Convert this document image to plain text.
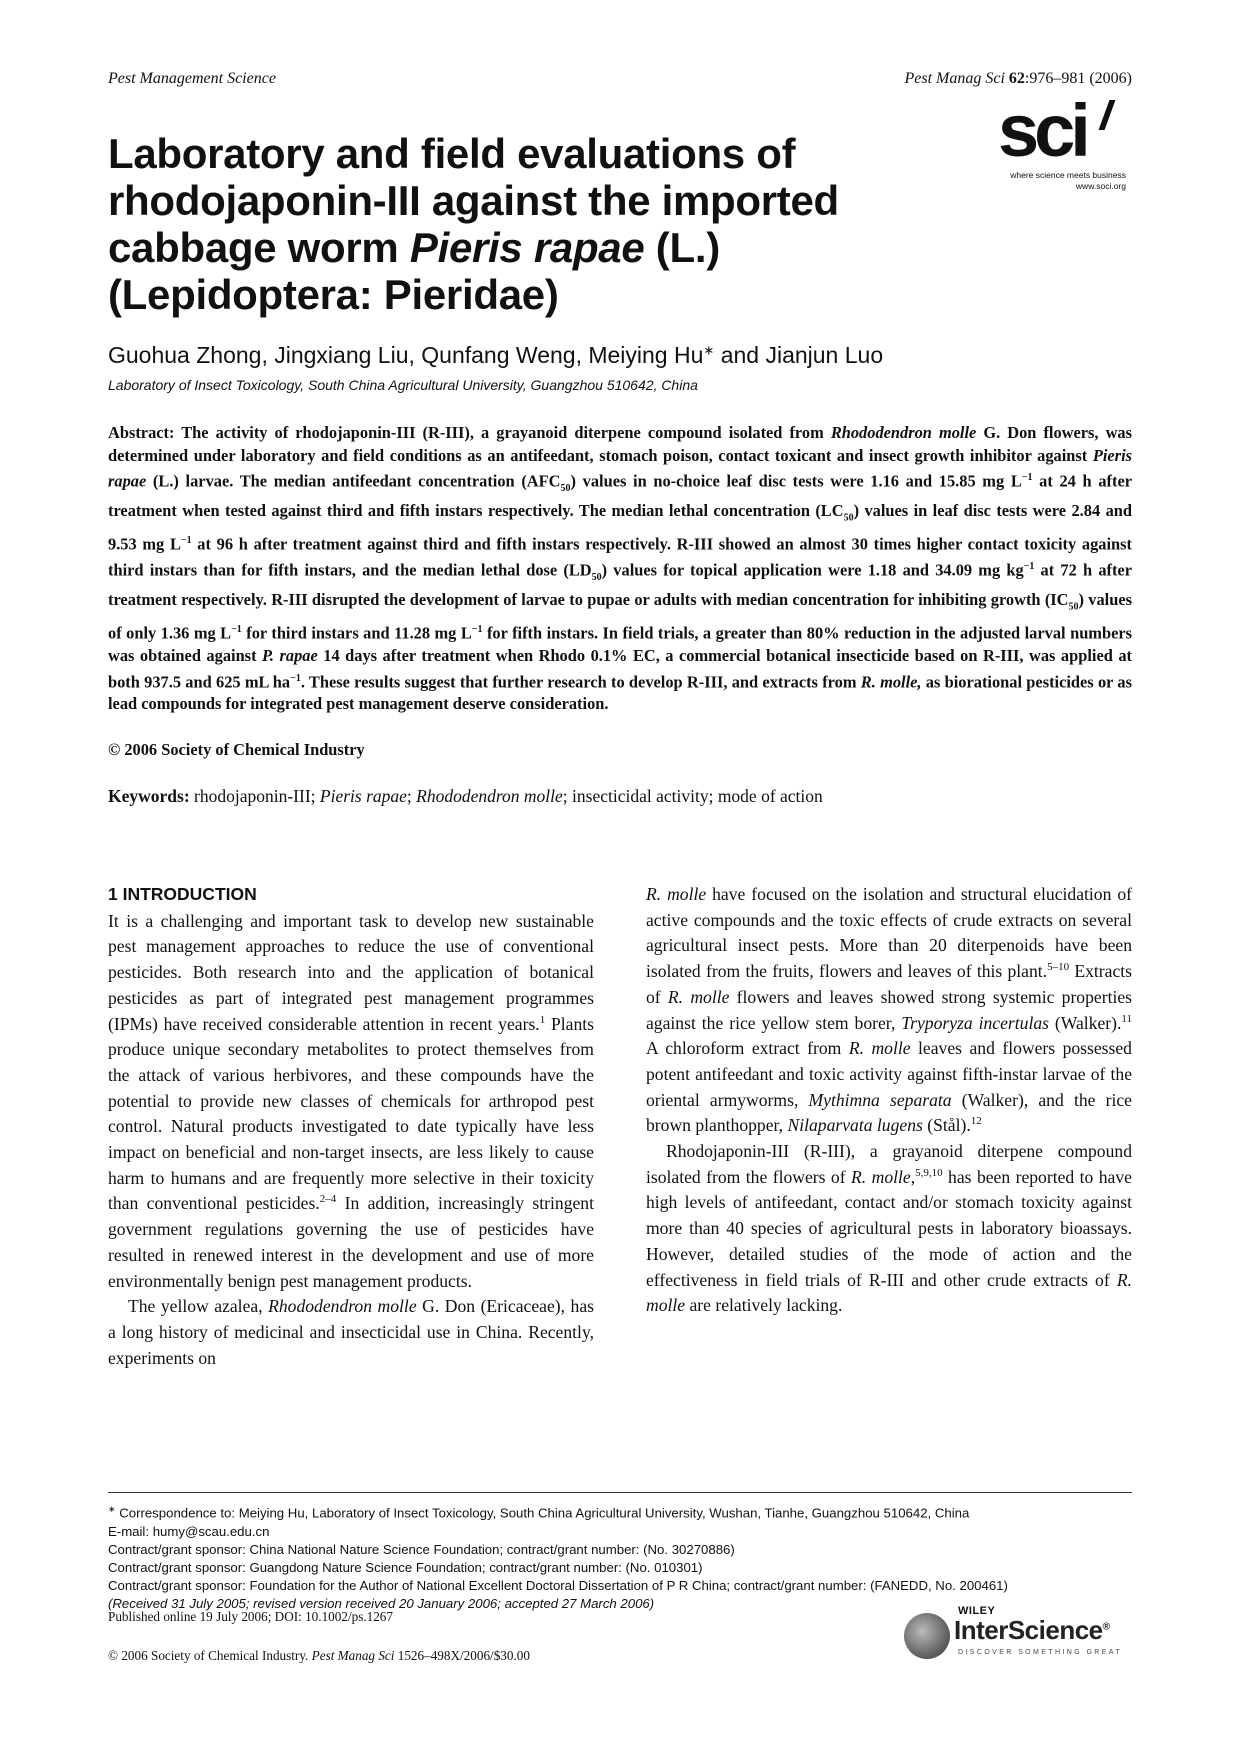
Pest Management Science	Pest Manag Sci 62:976–981 (2006)
sci
where science meets business
www.soci.org
Laboratory and field evaluations of rhodojaponin-III against the imported cabbage worm Pieris rapae (L.) (Lepidoptera: Pieridae)
Guohua Zhong, Jingxiang Liu, Qunfang Weng, Meiying Hu∗ and Jianjun Luo
Laboratory of Insect Toxicology, South China Agricultural University, Guangzhou 510642, China
Abstract: The activity of rhodojaponin-III (R-III), a grayanoid diterpene compound isolated from Rhododendron molle G. Don flowers, was determined under laboratory and field conditions as an antifeedant, stomach poison, contact toxicant and insect growth inhibitor against Pieris rapae (L.) larvae. The median antifeedant concentration $(AFC_{50})$ values in no-choice leaf disc tests were 1.16 and 15.85 mg $L^{-1}$ at 24 h after treatment when tested against third and fifth instars respectively. The median lethal concentration $(LC_{50})$ values in leaf disc tests were 2.84 and 9.53 mg $L^{-1}$ at 96 h after treatment against third and fifth instars respectively. R-III showed an almost 30 times higher contact toxicity against third instars than for fifth instars, and the median lethal dose $(LD_{50})$ values for topical application were 1.18 and 34.09 mg $kg^{-1}$ at 72 h after treatment respectively. R-III disrupted the development of larvae to pupae or adults with median concentration for inhibiting growth $(IC_{50})$ values of only 1.36 mg $L^{-1}$ for third instars and 11.28 mg $L^{-1}$ for fifth instars. In field trials, a greater than 80% reduction in the adjusted larval numbers was obtained against P. rapae 14 days after treatment when Rhodo 0.1% EC, a commercial botanical insecticide based on R-III, was applied at both 937.5 and 625 mL $ha^{-1}$. These results suggest that further research to develop R-III, and extracts from R. molle, as biorational pesticides or as lead compounds for integrated pest management deserve consideration.
© 2006 Society of Chemical Industry
Keywords: rhodojaponin-III; Pieris rapae; Rhododendron molle; insecticidal activity; mode of action
1 INTRODUCTION

It is a challenging and important task to develop new sustainable pest management approaches to reduce the use of conventional pesticides. Both research into and the application of botanical pesticides as part of integrated pest management programmes (IPMs) have received considerable attention in recent years.$^1$ Plants produce unique secondary metabolites to protect themselves from the attack of various herbivores, and these compounds have the potential to provide new classes of chemicals for arthropod pest control. Natural products investigated to date typically have less impact on beneficial and non-target insects, are less likely to cause harm to humans and are frequently more selective in their toxicity than conventional pesticides.$^{2-4}$ In addition, increasingly stringent government regulations governing the use of pesticides have resulted in renewed interest in the development and use of more environmentally benign pest management products.

The yellow azalea, Rhododendron molle G. Don (Ericaceae), has a long history of medicinal and insecticidal use in China. Recently, experiments on

R. molle have focused on the isolation and structural elucidation of active compounds and the toxic effects of crude extracts on several agricultural insect pests. More than 20 diterpenoids have been isolated from the fruits, flowers and leaves of this plant.$^{5-10}$ Extracts of R. molle flowers and leaves showed strong systemic properties against the rice yellow stem borer, Tryporyza incertulas (Walker).$^{11}$ A chloroform extract from R. molle leaves and flowers possessed potent antifeedant and toxic activity against fifth-instar larvae of the oriental armyworms, Mythimna separata (Walker), and the rice brown planthopper, Nilaparvata lugens (Stål).$^{12}$

Rhodojaponin-III (R-III), a grayanoid diterpene compound isolated from the flowers of R. molle,$^{5,9,10}$ has been reported to have high levels of antifeedant, contact and/or stomach toxicity against more than 40 species of agricultural pests in laboratory bioassays. However, detailed studies of the mode of action and the effectiveness in field trials of R-III and other crude extracts of R. molle are relatively lacking.

∗ Correspondence to: Meiying Hu, Laboratory of Insect Toxicology, South China Agricultural University, Wushan, Tianhe, Guangzhou 510642, China
E-mail: humy@scau.edu.cn
Contract/grant sponsor: China National Nature Science Foundation; contract/grant number: (No. 30270886)
Contract/grant sponsor: Guangdong Nature Science Foundation; contract/grant number: (No. 010301)
Contract/grant sponsor: Foundation for the Author of National Excellent Doctoral Dissertation of P R China; contract/grant number: (FANEDD, No. 200461)
(Received 31 July 2005; revised version received 20 January 2006; accepted 27 March 2006)
Published online 19 July 2006; DOI: 10.1002/ps.1267
© 2006 Society of Chemical Industry. Pest Manag Sci 1526–498X/2006/$30.00
WILEY
InterScience®
DISCOVER SOMETHING GREAT
